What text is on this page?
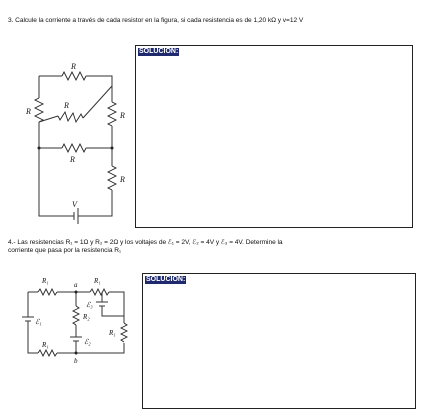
3. Calcule la corriente a través de cada resistor en la figura, si cada resistencia es de 1,20 kΩ y v=12 V
SOLUCIÓN:
R
R
R
R
R
R
V
4.- Las resistencias R₁ = 1Ω y R₂ = 2Ω y los voltajes de ℰ₁ = 2V, ℰ₂ = 4V y ℰ₃ = 4V. Determine la
corriente que pasa por la resistencia R₁
SOLUCIÓN:
R₁	R₁
R₂
R₁
R₁
ℰ₁
ℰ₂
ℰ₃
a
b
